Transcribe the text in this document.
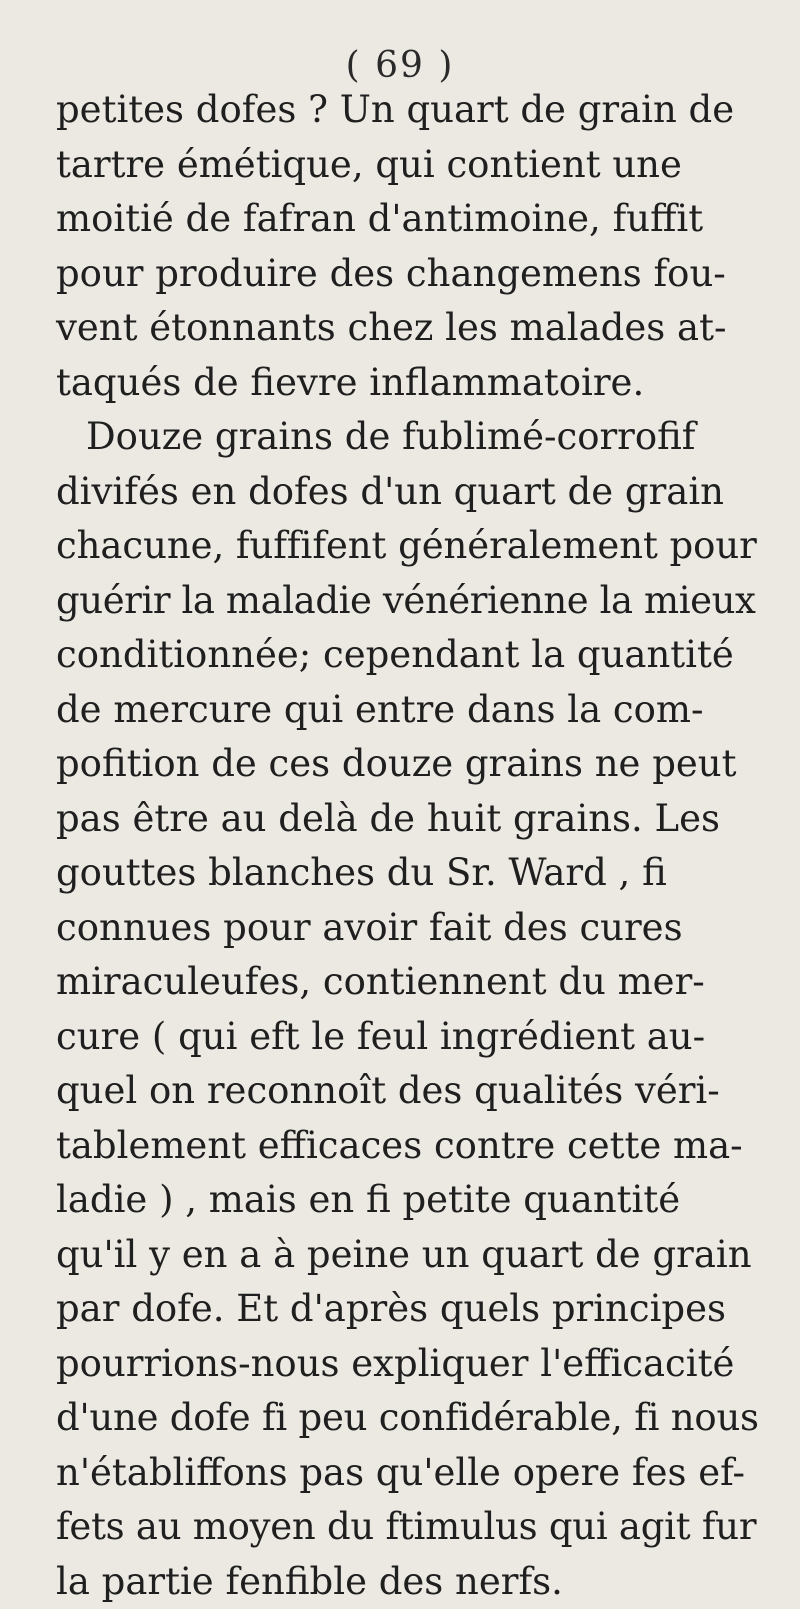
( 69 )
petites dofes ? Un quart de grain de
tartre émétique, qui contient une
moitié de fafran d'antimoine, fuffit
pour produire des changemens fou-
vent étonnants chez les malades at-
taqués de fievre inflammatoire.
Douze grains de fublimé-corrofif
divifés en dofes d'un quart de grain
chacune, fuffifent généralement pour
guérir la maladie vénérienne la mieux
conditionnée; cependant la quantité
de mercure qui entre dans la com-
pofition de ces douze grains ne peut
pas être au delà de huit grains. Les
gouttes blanches du Sr. Ward , fi
connues pour avoir fait des cures
miraculeufes, contiennent du mer-
cure ( qui eft le feul ingrédient au-
quel on reconnoît des qualités véri-
tablement efficaces contre cette ma-
ladie ) , mais en fi petite quantité
qu'il y en a à peine un quart de grain
par dofe. Et d'après quels principes
pourrions-nous expliquer l'efficacité
d'une dofe fi peu confidérable, fi nous
n'établiffons pas qu'elle opere fes ef-
fets au moyen du ftimulus qui agit fur
la partie fenfible des nerfs.
